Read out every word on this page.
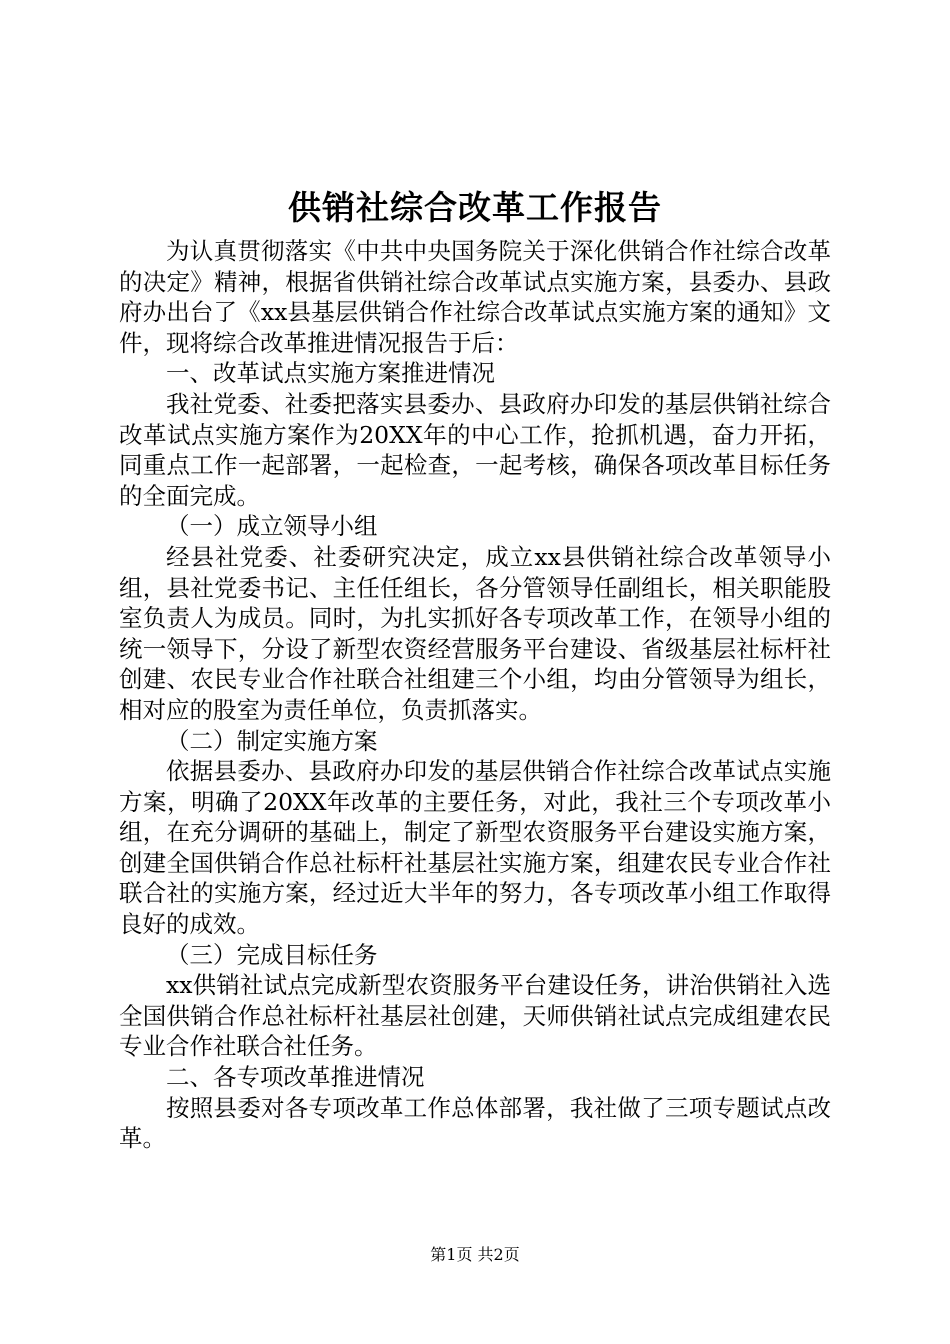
供销社综合改革工作报告

为认真贯彻落实《中共中央国务院关于深化供销合作社综合改革的决定》精神，根据省供销社综合改革试点实施方案，县委办、县政府办出台了《xx县基层供销合作社综合改革试点实施方案的通知》文件，现将综合改革推进情况报告于后：

一、改革试点实施方案推进情况

我社党委、社委把落实县委办、县政府办印发的基层供销社综合改革试点实施方案作为20XX年的中心工作，抢抓机遇，奋力开拓，同重点工作一起部署，一起检查，一起考核，确保各项改革目标任务的全面完成。

（一）成立领导小组

经县社党委、社委研究决定，成立xx县供销社综合改革领导小组，县社党委书记、主任任组长，各分管领导任副组长，相关职能股室负责人为成员。同时，为扎实抓好各专项改革工作，在领导小组的统一领导下，分设了新型农资经营服务平台建设、省级基层社标杆社创建、农民专业合作社联合社组建三个小组，均由分管领导为组长，相对应的股室为责任单位，负责抓落实。

（二）制定实施方案

依据县委办、县政府办印发的基层供销合作社综合改革试点实施方案，明确了20XX年改革的主要任务，对此，我社三个专项改革小组，在充分调研的基础上，制定了新型农资服务平台建设实施方案，创建全国供销合作总社标杆社基层社实施方案，组建农民专业合作社联合社的实施方案，经过近大半年的努力，各专项改革小组工作取得良好的成效。

（三）完成目标任务

xx供销社试点完成新型农资服务平台建设任务，讲治供销社入选全国供销合作总社标杆社基层社创建，天师供销社试点完成组建农民专业合作社联合社任务。

二、各专项改革推进情况

按照县委对各专项改革工作总体部署，我社做了三项专题试点改革。

第1页 共2页
